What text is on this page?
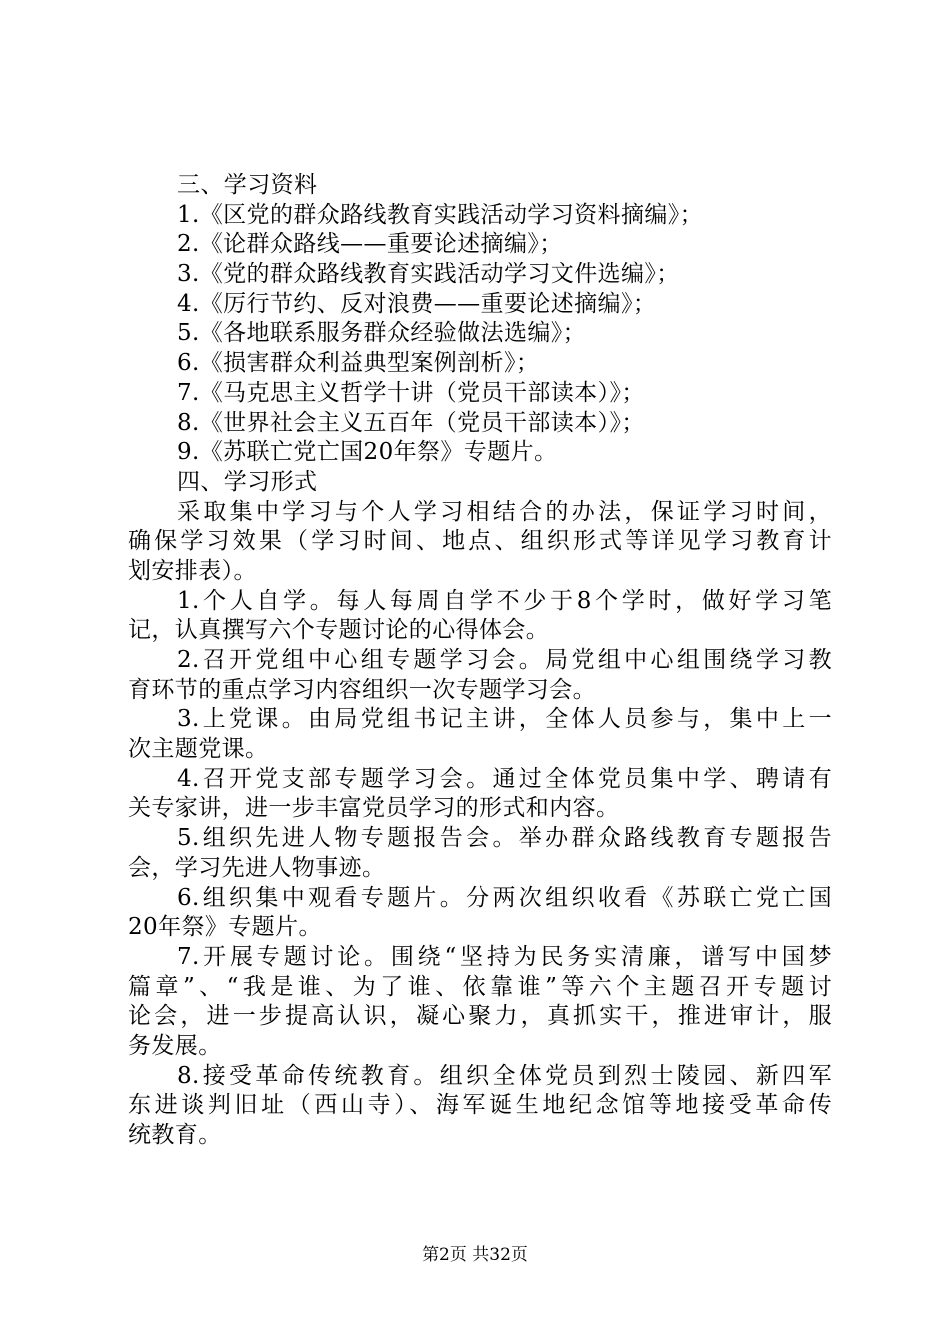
三、学习资料
1.《区党的群众路线教育实践活动学习资料摘编》；
2.《论群众路线——重要论述摘编》；
3.《党的群众路线教育实践活动学习文件选编》；
4.《厉行节约、反对浪费——重要论述摘编》；
5.《各地联系服务群众经验做法选编》；
6.《损害群众利益典型案例剖析》；
7.《马克思主义哲学十讲（党员干部读本）》；
8.《世界社会主义五百年（党员干部读本）》；
9.《苏联亡党亡国20年祭》专题片。
四、学习形式
采取集中学习与个人学习相结合的办法，保证学习时间，
确保学习效果（学习时间、地点、组织形式等详见学习教育计
划安排表）。
1.个人自学。每人每周自学不少于8个学时，做好学习笔
记，认真撰写六个专题讨论的心得体会。
2.召开党组中心组专题学习会。局党组中心组围绕学习教
育环节的重点学习内容组织一次专题学习会。
3.上党课。由局党组书记主讲，全体人员参与，集中上一
次主题党课。
4.召开党支部专题学习会。通过全体党员集中学、聘请有
关专家讲，进一步丰富党员学习的形式和内容。
5.组织先进人物专题报告会。举办群众路线教育专题报告
会，学习先进人物事迹。
6.组织集中观看专题片。分两次组织收看《苏联亡党亡国
20年祭》专题片。
7.开展专题讨论。围绕“坚持为民务实清廉，谱写中国梦
篇章”、“我是谁、为了谁、依靠谁”等六个主题召开专题讨
论会，进一步提高认识，凝心聚力，真抓实干，推进审计，服
务发展。
8.接受革命传统教育。组织全体党员到烈士陵园、新四军
东进谈判旧址（西山寺）、海军诞生地纪念馆等地接受革命传
统教育。
第2页 共32页
